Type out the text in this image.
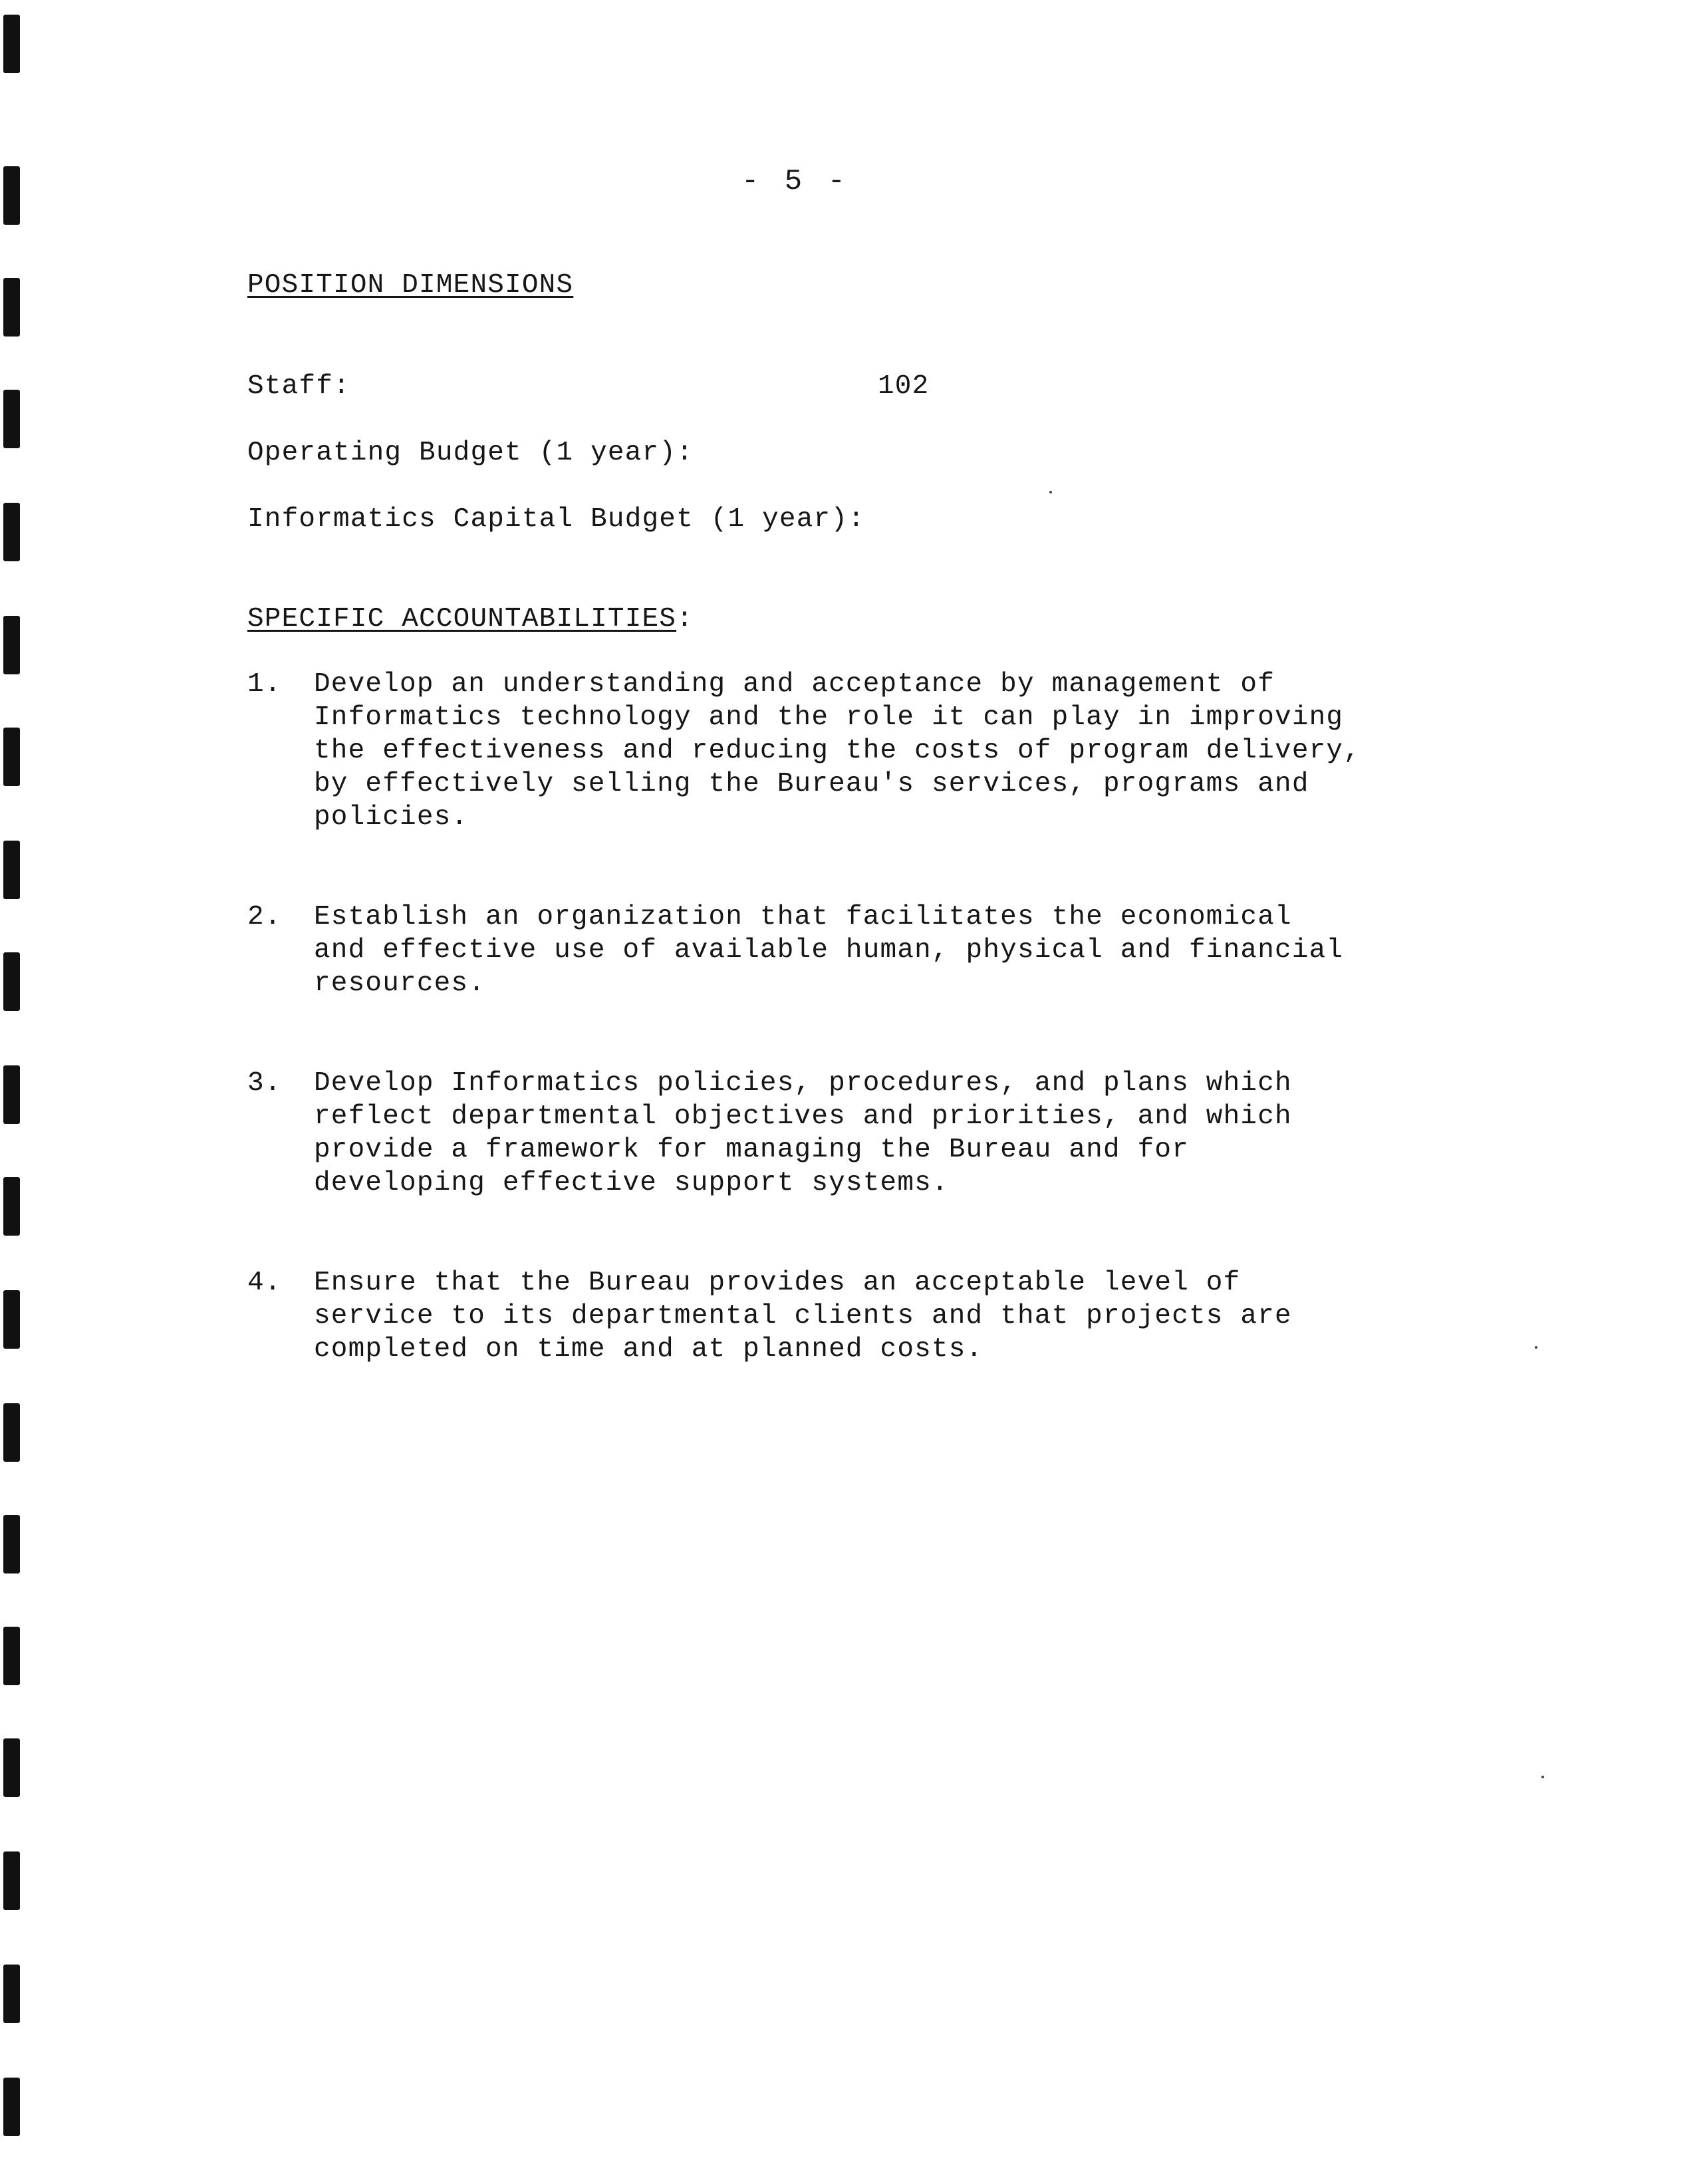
- 5 -
POSITION DIMENSIONS
Staff:	102
Operating Budget (1 year):
Informatics Capital Budget (1 year):
SPECIFIC ACCOUNTABILITIES:
1. Develop an understanding and acceptance by management of
Informatics technology and the role it can play in improving
the effectiveness and reducing the costs of program delivery,
by effectively selling the Bureau's services, programs and
policies.
2. Establish an organization that facilitates the economical
and effective use of available human, physical and financial
resources.
3. Develop Informatics policies, procedures, and plans which
reflect departmental objectives and priorities, and which
provide a framework for managing the Bureau and for
developing effective support systems.
4. Ensure that the Bureau provides an acceptable level of
service to its departmental clients and that projects are
completed on time and at planned costs.
